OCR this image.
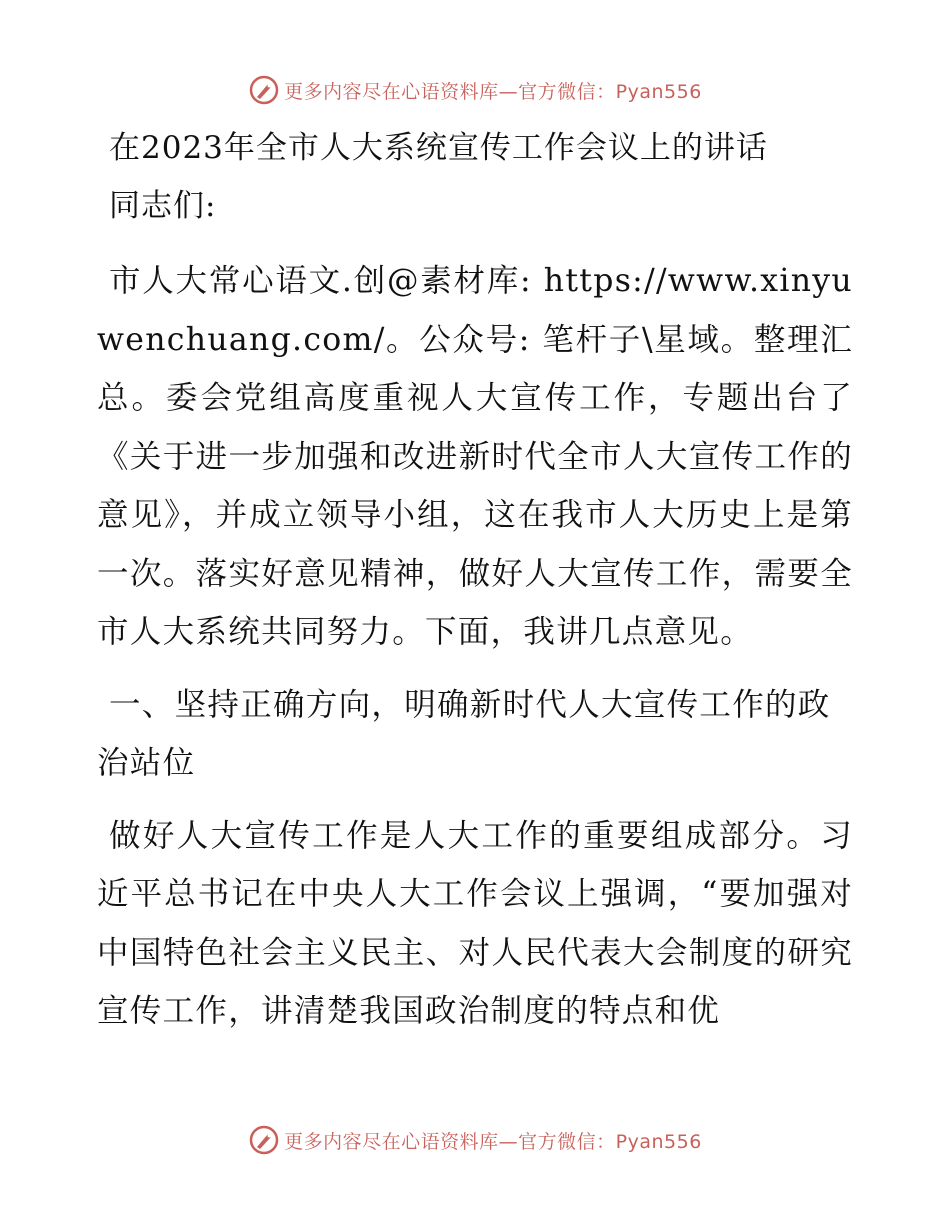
更多内容尽在心语资料库—官方微信：Pyan556
在2023年全市人大系统宣传工作会议上的讲话
同志们:
市人大常心语文.创@素材库: https://www.xinyuwenchuang.com/。公众号: 笔杆子\星域。整理汇总。委会党组高度重视人大宣传工作，专题出台了《关于进一步加强和改进新时代全市人大宣传工作的意见》，并成立领导小组，这在我市人大历史上是第一次。落实好意见精神，做好人大宣传工作，需要全市人大系统共同努力。下面，我讲几点意见。
一、坚持正确方向，明确新时代人大宣传工作的政治站位
做好人大宣传工作是人大工作的重要组成部分。习近平总书记在中央人大工作会议上强调，“要加强对中国特色社会主义民主、对人民代表大会制度的研究宣传工作，讲清楚我国政治制度的特点和优
更多内容尽在心语资料库—官方微信：Pyan556
